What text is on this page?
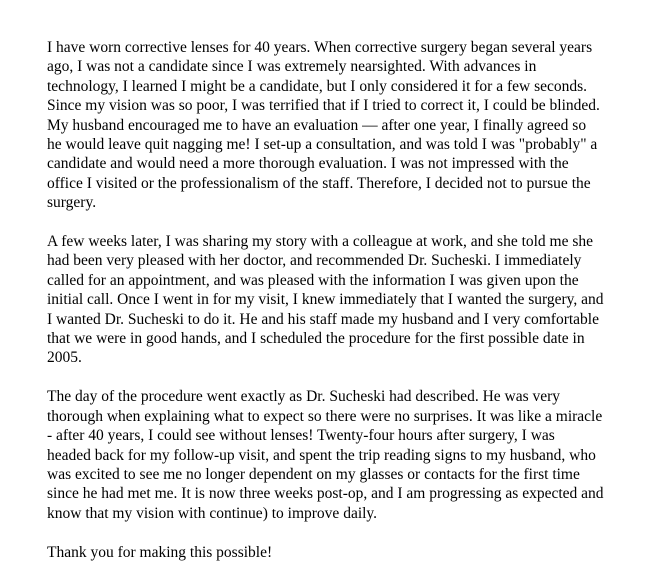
I have worn corrective lenses for 40 years. When corrective surgery began several years
ago, I was not a candidate since I was extremely nearsighted. With advances in
technology, I learned I might be a candidate, but I only considered it for a few seconds.
Since my vision was so poor, I was terrified that if I tried to correct it, I could be blinded.
My husband encouraged me to have an evaluation — after one year, I finally agreed so
he would leave quit nagging me! I set-up a consultation, and was told I was "probably" a
candidate and would need a more thorough evaluation. I was not impressed with the
office I visited or the professionalism of the staff. Therefore, I decided not to pursue the
surgery.

A few weeks later, I was sharing my story with a colleague at work, and she told me she
had been very pleased with her doctor, and recommended Dr. Sucheski. I immediately
called for an appointment, and was pleased with the information I was given upon the
initial call. Once I went in for my visit, I knew immediately that I wanted the surgery, and
I wanted Dr. Sucheski to do it. He and his staff made my husband and I very comfortable
that we were in good hands, and I scheduled the procedure for the first possible date in
2005.

The day of the procedure went exactly as Dr. Sucheski had described. He was very
thorough when explaining what to expect so there were no surprises. It was like a miracle
- after 40 years, I could see without lenses! Twenty-four hours after surgery, I was
headed back for my follow-up visit, and spent the trip reading signs to my husband, who
was excited to see me no longer dependent on my glasses or contacts for the first time
since he had met me. It is now three weeks post-op, and I am progressing as expected and
know that my vision with continue) to improve daily.

Thank you for making this possible!
